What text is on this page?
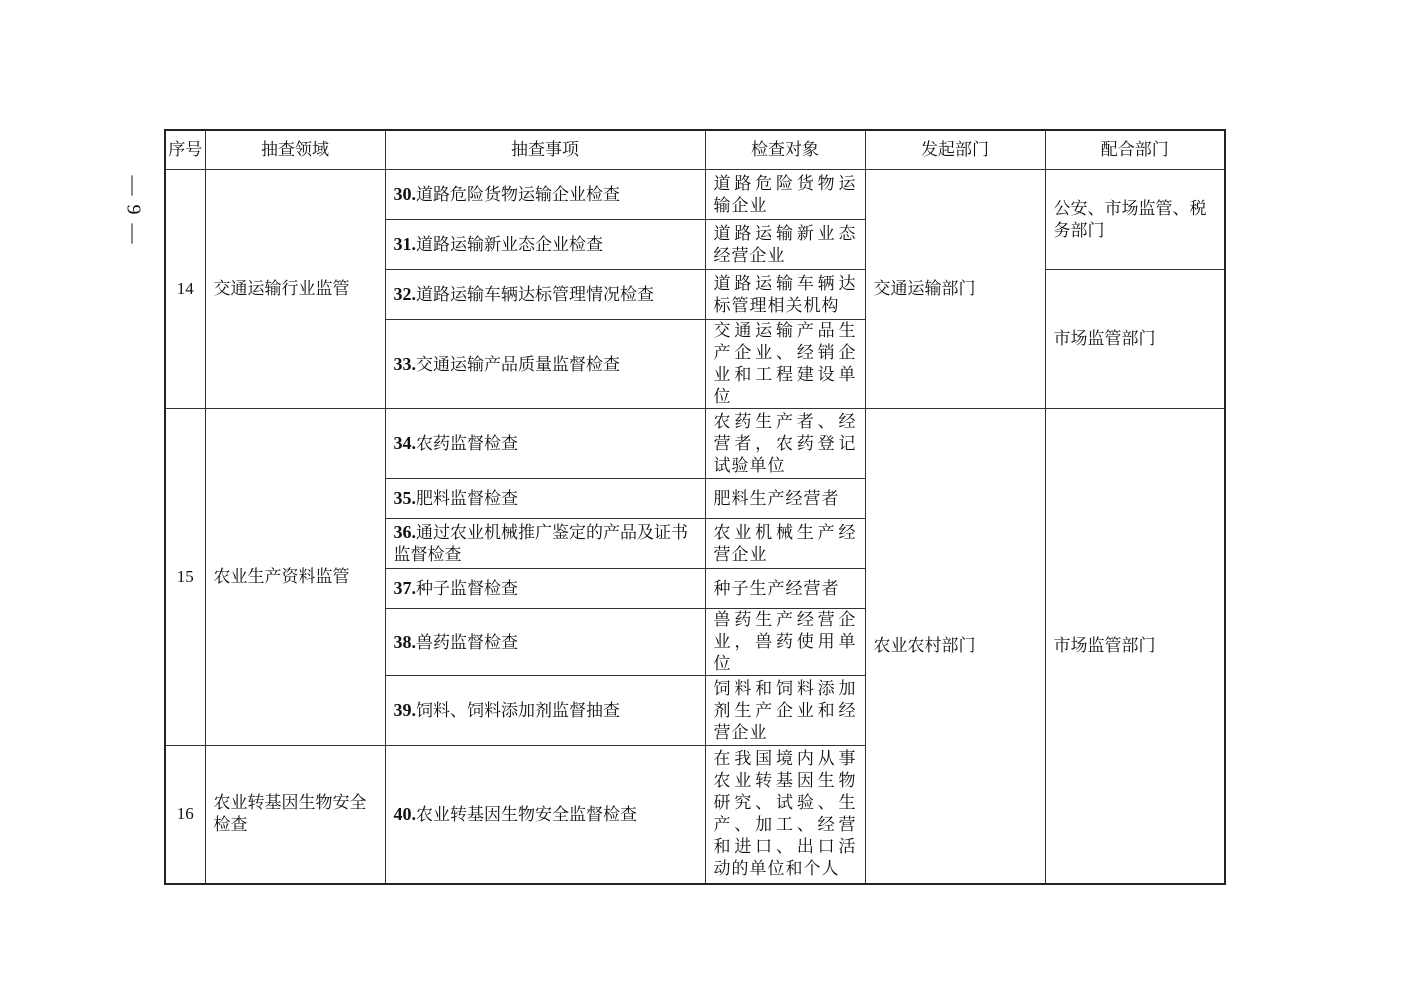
— 9 —
序号	抽查领域	抽查事项	检查对象	发起部门	配合部门
14	交通运输行业监管	30.道路危险货物运输企业检查	道路危险货物运输企业	交通运输部门	公安、市场监管、税务部门
		31.道路运输新业态企业检查	道路运输新业态经营企业		
		32.道路运输车辆达标管理情况检查	道路运输车辆达标管理相关机构		市场监管部门
		33.交通运输产品质量监督检查	交通运输产品生产企业、经销企业和工程建设单位		
15	农业生产资料监管	34.农药监督检查	农药生产者、经营者，农药登记试验单位	农业农村部门	市场监管部门
		35.肥料监督检查	肥料生产经营者		
		36.通过农业机械推广鉴定的产品及证书监督检查	农业机械生产经营企业		
		37.种子监督检查	种子生产经营者		
		38.兽药监督检查	兽药生产经营企业，兽药使用单位		
		39.饲料、饲料添加剂监督抽查	饲料和饲料添加剂生产企业和经营企业		
16	农业转基因生物安全检查	40.农业转基因生物安全监督检查	在我国境内从事农业转基因生物研究、试验、生产、加工、经营和进口、出口活动的单位和个人		
